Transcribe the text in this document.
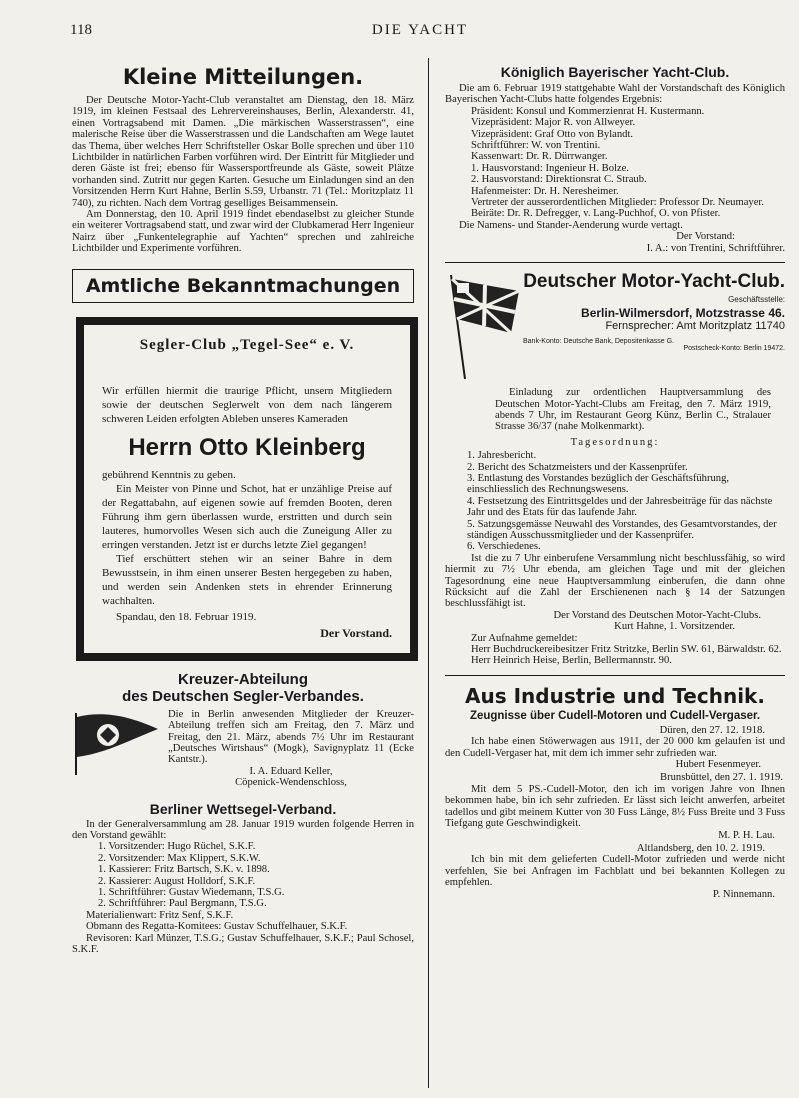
118	DIE YACHT
Kleine Mitteilungen.

Der Deutsche Motor-Yacht-Club veranstaltet am Dienstag, den 18. März 1919, im kleinen Festsaal des Lehrervereinshauses, Berlin, Alexanderstr. 41, einen Vortragsabend mit Damen. „Die märkischen Wasserstrassen“, eine malerische Reise über die Wasserstrassen und die Landschaften am Wege lautet das Thema, über welches Herr Schriftsteller Oskar Bolle sprechen und über 110 Lichtbilder in natürlichen Farben vorführen wird. Der Eintritt für Mitglieder und deren Gäste ist frei; ebenso für Wassersportfreunde als Gäste, soweit Plätze vorhanden sind. Zutritt nur gegen Karten. Gesuche um Einladungen sind an den Vorsitzenden Herrn Kurt Hahne, Berlin S.59, Urbanstr. 71 (Tel.: Moritzplatz 11 740), zu richten. Nach dem Vortrag geselliges Beisammensein.

Am Donnerstag, den 10. April 1919 findet ebendaselbst zu gleicher Stunde ein weiterer Vortragsabend statt, und zwar wird der Clubkamerad Herr Ingenieur Nairz über „Funkentelegraphie auf Yachten“ sprechen und zahlreiche Lichtbilder und Experimente vorführen.

Amtliche Bekanntmachungen
Segler-Club „Tegel-See“ e. V.

Wir erfüllen hiermit die traurige Pflicht, unsern Mitgliedern sowie der deutschen Seglerwelt von dem nach längerem schweren Leiden erfolgten Ableben unseres Kameraden

Herrn Otto Kleinberg

gebührend Kenntnis zu geben.

Ein Meister von Pinne und Schot, hat er unzählige Preise auf der Regattabahn, auf eigenen sowie auf fremden Booten, deren Führung ihm gern überlassen wurde, erstritten und durch sein lauteres, humorvolles Wesen sich auch die Zuneigung Aller zu erringen verstanden. Jetzt ist er durchs letzte Ziel gegangen!

Tief erschüttert stehen wir an seiner Bahre in dem Bewusstsein, in ihm einen unserer Besten hergegeben zu haben, und werden sein Andenken stets in ehrender Erinnerung wachhalten.

Spandau, den 18. Februar 1919.

Der Vorstand.
Kreuzer-Abteilung
des Deutschen Segler-Verbandes.

Die in Berlin anwesenden Mitglieder der Kreuzer-Abteilung treffen sich am Freitag, den 7. März und Freitag, den 21. März, abends 7½ Uhr im Restaurant „Deutsches Wirtshaus“ (Mogk), Savignyplatz 11 (Ecke Kantstr.).

I. A. Eduard Keller,
Cöpenick-Wendenschloss,
Berliner Wettsegel-Verband.

In der Generalversammlung am 28. Januar 1919 wurden folgende Herren in den Vorstand gewählt:

1. Vorsitzender: Hugo Rüchel, S.K.F.
2. Vorsitzender: Max Klippert, S.K.W.
1. Kassierer: Fritz Bartsch, S.K. v. 1898.
2. Kassierer: August Holldorf, S.K.F.
1. Schriftführer: Gustav Wiedemann, T.S.G.
2. Schriftführer: Paul Bergmann, T.S.G.

Materialienwart: Fritz Senf, S.K.F.

Obmann des Regatta-Komitees: Gustav Schuffelhauer, S.K.F.

Revisoren: Karl Münzer, T.S.G.; Gustav Schuffelhauer, S.K.F.; Paul Schosel, S.K.F.

Königlich Bayerischer Yacht-Club.

Die am 6. Februar 1919 stattgehabte Wahl der Vorstandschaft des Königlich Bayerischen Yacht-Clubs hatte folgendes Ergebnis:

Präsident: Konsul und Kommerzienrat H. Kustermann.
Vizepräsident: Major R. von Allweyer.
Vizepräsident: Graf Otto von Bylandt.
Schriftführer: W. von Trentini.
Kassenwart: Dr. R. Dürrwanger.
1. Hausvorstand: Ingenieur H. Bolze.
2. Hausvorstand: Direktionsrat C. Straub.
Hafenmeister: Dr. H. Neresheimer.

Vertreter der ausserordentlichen Mitglieder: Professor Dr. Neumayer.

Beiräte: Dr. R. Defregger, v. Lang-Puchhof, O. von Pfister.

Die Namens- und Stander-Aenderung wurde vertagt.

Der Vorstand:
I. A.: von Trentini, Schriftführer.
Deutscher Motor-Yacht-Club.
Geschäftsstelle:
Berlin-Wilmersdorf, Motzstrasse 46.
Fernsprecher: Amt Moritzplatz 11740
Bank-Konto: Deutsche Bank, Depositenkasse G.
Postscheck-Konto: Berlin 19472.

Einladung zur ordentlichen Hauptversammlung des Deutschen Motor-Yacht-Clubs am Freitag, den 7. März 1919, abends 7 Uhr, im Restaurant Georg Künz, Berlin C., Stralauer Strasse 36/37 (nahe Molkenmarkt).

Tagesordnung:
1. Jahresbericht.
2. Bericht des Schatzmeisters und der Kassenprüfer.
3. Entlastung des Vorstandes bezüglich der Geschäftsführung, einschliesslich des Rechnungswesens.
4. Festsetzung des Eintrittsgeldes und der Jahresbeiträge für das nächste Jahr und des Etats für das laufende Jahr.
5. Satzungsgemässe Neuwahl des Vorstandes, des Gesamtvorstandes, der ständigen Ausschussmitglieder und der Kassenprüfer.
6. Verschiedenes.

Ist die zu 7 Uhr einberufene Versammlung nicht beschlussfähig, so wird hiermit zu 7½ Uhr ebenda, am gleichen Tage und mit der gleichen Tagesordnung eine neue Hauptversammlung einberufen, die dann ohne Rücksicht auf die Zahl der Erschienenen nach § 14 der Satzungen beschlussfähigt ist.

Der Vorstand des Deutschen Motor-Yacht-Clubs.
Kurt Hahne, 1. Vorsitzender.

Zur Aufnahme gemeldet:

Herr Buchdruckereibesitzer Fritz Stritzke, Berlin SW. 61, Bärwaldstr. 62.

Herr Heinrich Heise, Berlin, Bellermannstr. 90.

Aus Industrie und Technik.
Zeugnisse über Cudell-Motoren und Cudell-Vergaser.
Düren, den 27. 12. 1918.

Ich habe einen Stöwerwagen aus 1911, der 20 000 km gelaufen ist und den Cudell-Vergaser hat, mit dem ich immer sehr zufrieden war.

Hubert Fesenmeyer.
Brunsbüttel, den 27. 1. 1919.

Mit dem 5 PS.-Cudell-Motor, den ich im vorigen Jahre von Ihnen bekommen habe, bin ich sehr zufrieden. Er lässt sich leicht anwerfen, arbeitet tadellos und gibt meinem Kutter von 30 Fuss Länge, 8½ Fuss Breite und 3 Fuss Tiefgang gute Geschwindigkeit.

M. P. H. Lau.
Altlandsberg, den 10. 2. 1919.

Ich bin mit dem gelieferten Cudell-Motor zufrieden und werde nicht verfehlen, Sie bei Anfragen im Fachblatt und bei bekannten Kollegen zu empfehlen.

P. Ninnemann.
